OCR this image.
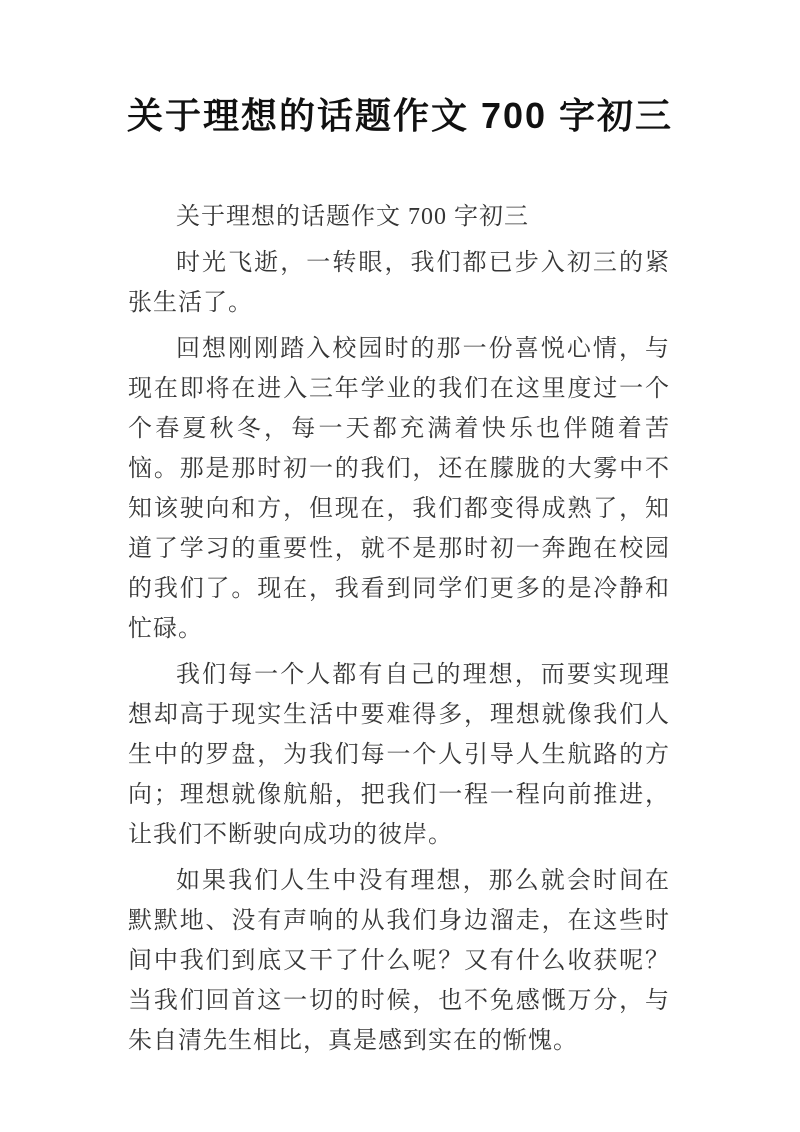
关于理想的话题作文 700 字初三

关于理想的话题作文 700 字初三

时光飞逝，一转眼，我们都已步入初三的紧张生活了。

回想刚刚踏入校园时的那一份喜悦心情，与现在即将在进入三年学业的我们在这里度过一个个春夏秋冬，每一天都充满着快乐也伴随着苦恼。那是那时初一的我们，还在朦胧的大雾中不知该驶向和方，但现在，我们都变得成熟了，知道了学习的重要性，就不是那时初一奔跑在校园的我们了。现在，我看到同学们更多的是冷静和忙碌。

我们每一个人都有自己的理想，而要实现理想却高于现实生活中要难得多，理想就像我们人生中的罗盘，为我们每一个人引导人生航路的方向；理想就像航船，把我们一程一程向前推进，让我们不断驶向成功的彼岸。

如果我们人生中没有理想，那么就会时间在默默地、没有声响的从我们身边溜走，在这些时间中我们到底又干了什么呢？又有什么收获呢？当我们回首这一切的时候，也不免感慨万分，与朱自清先生相比，真是感到实在的惭愧。
